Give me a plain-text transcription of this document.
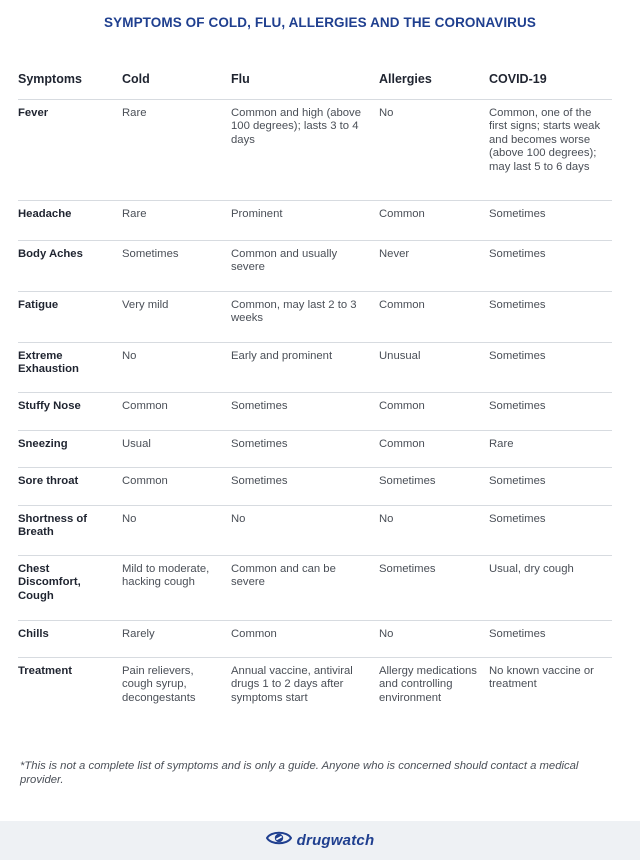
SYMPTOMS OF COLD, FLU, ALLERGIES AND THE CORONAVIRUS
Symptoms	Cold	Flu	Allergies	COVID-19
Fever	Rare	Common and high (above 100 degrees); lasts 3 to 4 days	No	Common, one of the first signs; starts weak and becomes worse (above 100 degrees); may last 5 to 6 days
Headache	Rare	Prominent	Common	Sometimes
Body Aches	Sometimes	Common and usually severe	Never	Sometimes
Fatigue	Very mild	Common, may last 2 to 3 weeks	Common	Sometimes
Extreme Exhaustion	No	Early and prominent	Unusual	Sometimes
Stuffy Nose	Common	Sometimes	Common	Sometimes
Sneezing	Usual	Sometimes	Common	Rare
Sore throat	Common	Sometimes	Sometimes	Sometimes
Shortness of Breath	No	No	No	Sometimes
Chest Discomfort, Cough	Mild to moderate, hacking cough	Common and can be severe	Sometimes	Usual, dry cough
Chills	Rarely	Common	No	Sometimes
Treatment	Pain relievers, cough syrup, decongestants	Annual vaccine, antiviral drugs 1 to 2 days after symptoms start	Allergy medications and controlling environment	No known vaccine or treatment

*This is not a complete list of symptoms and is only a guide. Anyone who is concerned should contact a medical provider.

drugwatch
